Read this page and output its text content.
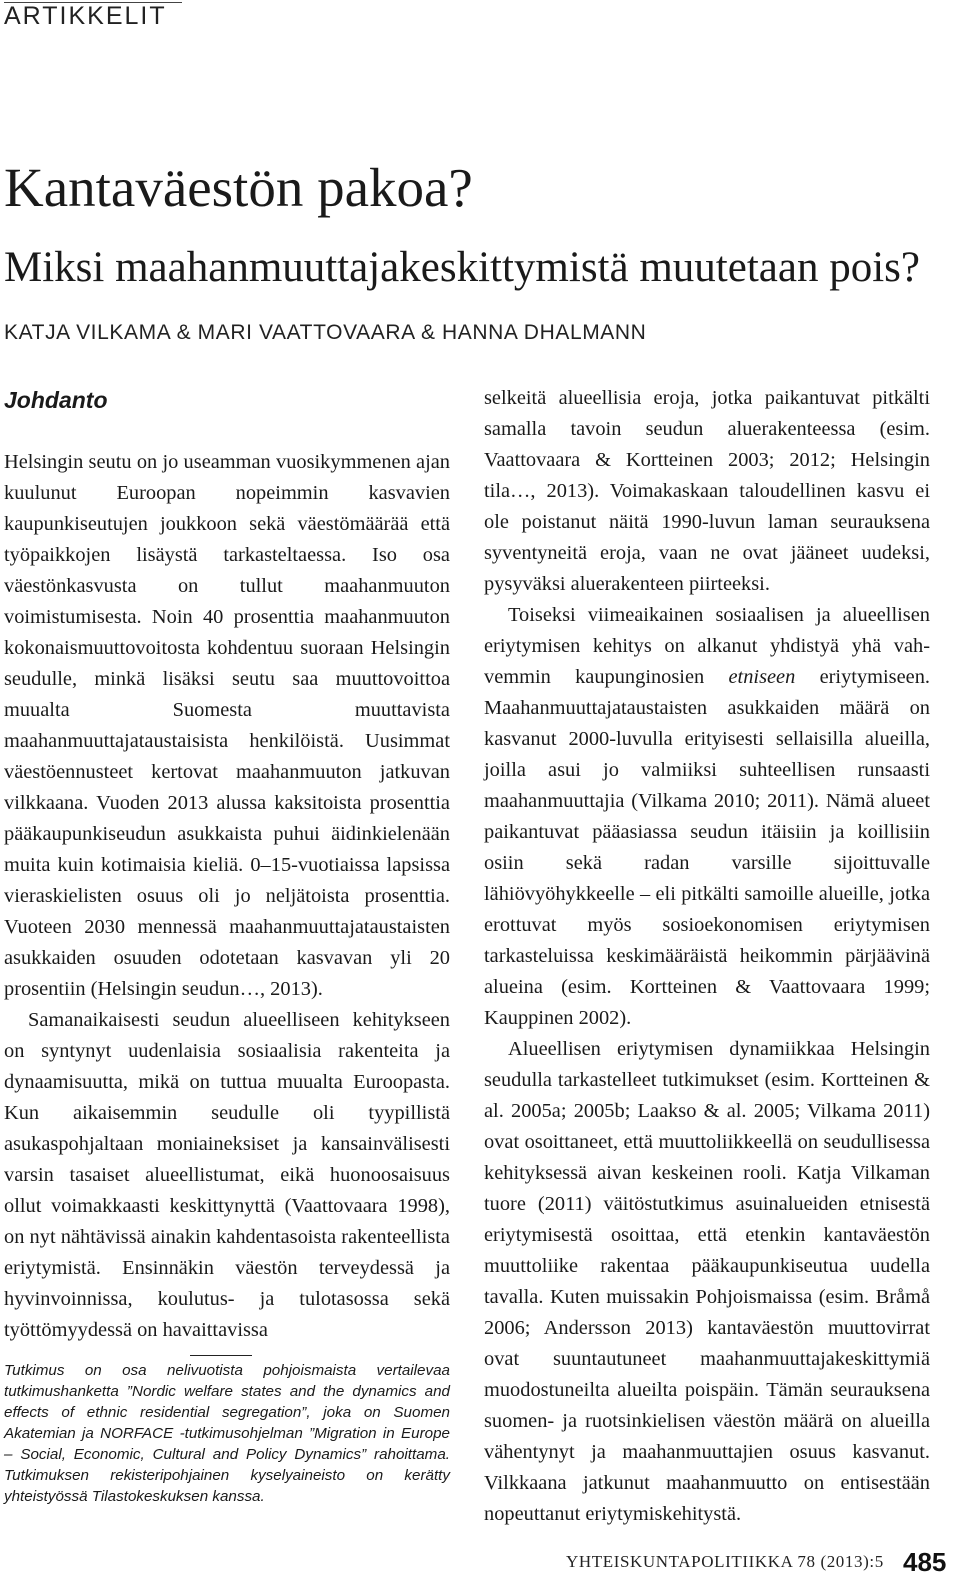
ARTIKKELIT
Kantaväestön pakoa?
Miksi maahanmuuttajakeskittymistä muutetaan pois?
KATJA VILKAMA & MARI VAATTOVAARA & HANNA DHALMANN
Johdanto

Helsingin seutu on jo useamman vuosikymmenen ajan kuulunut Euroopan nopeimmin kasvavien kaupunkiseutujen joukkoon sekä väestömäärää että työpaikkojen lisäystä tarkasteltaessa. Iso osa väestönkasvusta on tullut maahanmuuton voimistumisesta. Noin 40 prosenttia maahanmuuton kokonaismuuttovoitosta kohdentuu suoraan Helsingin seudulle, minkä lisäksi seutu saa muuttovoittoa muualta Suomesta muuttavista maahanmuuttajataustaisista henkilöistä. Uusimmat väestöennusteet kertovat maahanmuuton jatkuvan vilkkaana. Vuoden 2013 alussa kaksitoista prosenttia pääkaupunkiseudun asukkaista puhui äidinkielenään muita kuin kotimaisia kieliä. 0–15-vuotiaissa lapsissa vieraskielisten osuus oli jo neljätoista prosenttia. Vuoteen 2030 mennessä maahanmuuttajataustaisten asukkaiden osuuden odotetaan kasvavan yli 20 prosentiin (Helsingin seudun…, 2013).

Samanaikaisesti seudun alueelliseen kehitykseen on syntynyt uudenlaisia sosiaalisia rakenteita ja dynaamisuutta, mikä on tuttua muualta Euroopasta. Kun aikaisemmin seudulle oli tyypillistä asukaspohjaltaan moniaineksiset ja kansainvälisesti varsin tasaiset alueellistumat, eikä huonoosaisuus ollut voimakkaasti keskittynyttä (Vaattovaara 1998), on nyt nähtävissä ainakin kahdentasoista rakenteellista eriytymistä. Ensinnäkin väestön terveydessä ja hyvinvoinnissa, koulutus- ja tulotasossa sekä työttömyydessä on havaittavissa

selkeitä alueellisia eroja, jotka paikantuvat pitkälti samalla tavoin seudun aluerakenteessa (esim. Vaattovaara & Kortteinen 2003; 2012; Helsingin tila…, 2013). Voimakaskaan taloudellinen kasvu ei ole poistanut näitä 1990-luvun laman seurauksena syventyneitä eroja, vaan ne ovat jääneet uudeksi, pysyväksi aluerakenteen piirteeksi.

Toiseksi viimeaikainen sosiaalisen ja alueellisen eriytymisen kehitys on alkanut yhdistyä yhä vahvemmin kaupunginosien etniseen eriytymiseen. Maahanmuuttajataustaisten asukkaiden määrä on kasvanut 2000-luvulla erityisesti sellaisilla alueilla, joilla asui jo valmiiksi suhteellisen runsaasti maahanmuuttajia (Vilkama 2010; 2011). Nämä alueet paikantuvat pääasiassa seudun itäisiin ja koillisiin osiin sekä radan varsille sijoittuvalle lähiövyöhykkeelle – eli pitkälti samoille alueille, jotka erottuvat myös sosioekonomisen eriytymisen tarkasteluissa keskimääräistä heikommin pärjäävinä alueina (esim. Kortteinen & Vaattovaara 1999; Kauppinen 2002).

Alueellisen eriytymisen dynamiikkaa Helsingin seudulla tarkastelleet tutkimukset (esim. Kortteinen & al. 2005a; 2005b; Laakso & al. 2005; Vilkama 2011) ovat osoittaneet, että muuttoliikkeellä on seudullisessa kehityksessä aivan keskeinen rooli. Katja Vilkaman tuore (2011) väitöstutkimus asuinalueiden etnisestä eriytymisestä osoittaa, että etenkin kantaväestön muuttoliike rakentaa pääkaupunkiseutua uudella tavalla. Kuten muissakin Pohjoismaissa (esim. Bråmå 2006; Andersson 2013) kantaväestön muuttovirrat ovat suuntautuneet maahanmuuttajakeskittymiä muodostuneilta alueilta poispäin. Tämän seurauksena suomen- ja ruotsinkielisen väestön määrä on alueilla vähentynyt ja maahanmuuttajien osuus kasvanut. Vilkkaana jatkunut maahanmuutto on entisestään nopeuttanut eriytymiskehitystä.

Tutkimus on osa nelivuotista pohjoismaista vertailevaa tutkimushanketta ”Nordic welfare states and the dynamics and effects of ethnic residential segregation”, joka on Suomen Akatemian ja NORFACE -tutkimusohjelman ”Migration in Europe – Social, Economic, Cultural and Policy Dynamics” rahoittama. Tutkimuksen rekisteripohjainen kyselyaineisto on kerätty yhteistyössä Tilastokeskuksen kanssa.

YHTEISKUNTAPOLITIIKKA 78 (2013):5 485
